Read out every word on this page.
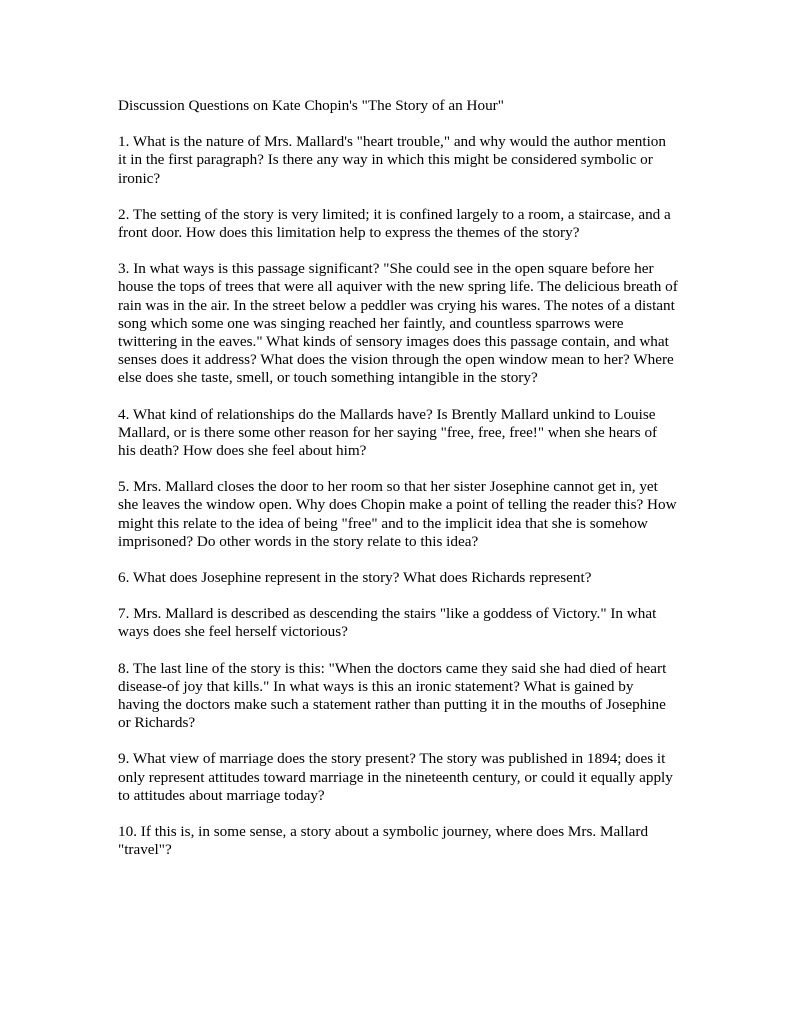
Discussion Questions on Kate Chopin's "The Story of an Hour"

1. What is the nature of Mrs. Mallard's "heart trouble," and why would the author mention it in the first paragraph? Is there any way in which this might be considered symbolic or ironic?

2. The setting of the story is very limited; it is confined largely to a room, a staircase, and a front door. How does this limitation help to express the themes of the story?

3. In what ways is this passage significant? "She could see in the open square before her house the tops of trees that were all aquiver with the new spring life. The delicious breath of rain was in the air. In the street below a peddler was crying his wares. The notes of a distant song which some one was singing reached her faintly, and countless sparrows were twittering in the eaves." What kinds of sensory images does this passage contain, and what senses does it address? What does the vision through the open window mean to her? Where else does she taste, smell, or touch something intangible in the story?

4. What kind of relationships do the Mallards have? Is Brently Mallard unkind to Louise Mallard, or is there some other reason for her saying "free, free, free!" when she hears of his death? How does she feel about him?

5. Mrs. Mallard closes the door to her room so that her sister Josephine cannot get in, yet she leaves the window open. Why does Chopin make a point of telling the reader this? How might this relate to the idea of being "free" and to the implicit idea that she is somehow imprisoned? Do other words in the story relate to this idea?

6. What does Josephine represent in the story? What does Richards represent?

7. Mrs. Mallard is described as descending the stairs "like a goddess of Victory." In what ways does she feel herself victorious?

8. The last line of the story is this: "When the doctors came they said she had died of heart disease-of joy that kills." In what ways is this an ironic statement? What is gained by having the doctors make such a statement rather than putting it in the mouths of Josephine or Richards?

9. What view of marriage does the story present? The story was published in 1894; does it only represent attitudes toward marriage in the nineteenth century, or could it equally apply to attitudes about marriage today?

10. If this is, in some sense, a story about a symbolic journey, where does Mrs. Mallard "travel"?
